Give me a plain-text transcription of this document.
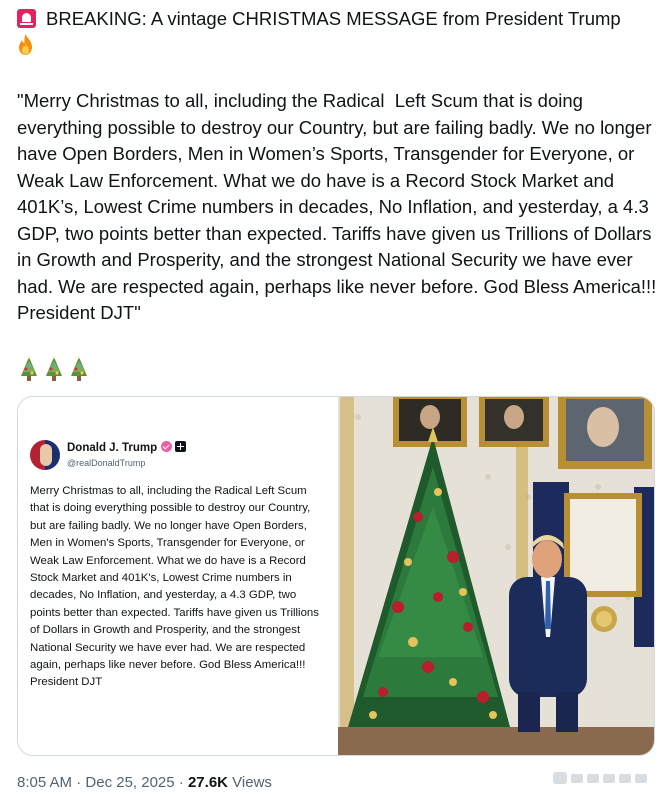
BREAKING: A vintage CHRISTMAS MESSAGE from President Trump

"Merry Christmas to all, including the Radical  Left Scum that is doing everything possible to destroy our Country, but are failing badly. We no longer have Open Borders, Men in Women’s Sports, Transgender for Everyone, or Weak Law Enforcement. What we do have is a Record Stock Market and 401K’s, Lowest Crime numbers in decades, No Inflation, and yesterday, a 4.3 GDP, two points better than expected. Tariffs have given us Trillions of Dollars in Growth and Prosperity, and the strongest National Security we have ever had. We are respected again, perhaps like never before. God Bless America!!! President DJT"
Donald J. Trump
@realDonaldTrump
Merry Christmas to all, including the Radical Left Scum that is doing everything possible to destroy our Country, but are failing badly. We no longer have Open Borders, Men in Women's Sports, Transgender for Everyone, or Weak Law Enforcement. What we do have is a Record Stock Market and 401K's, Lowest Crime numbers in decades, No Inflation, and yesterday, a 4.3 GDP, two points better than expected. Tariffs have given us Trillions of Dollars in Growth and Prosperity, and the strongest National Security we have ever had. We are respected again, perhaps like never before. God Bless America!!! President DJT
8:05 AM · Dec 25, 2025 · 27.6K Views
